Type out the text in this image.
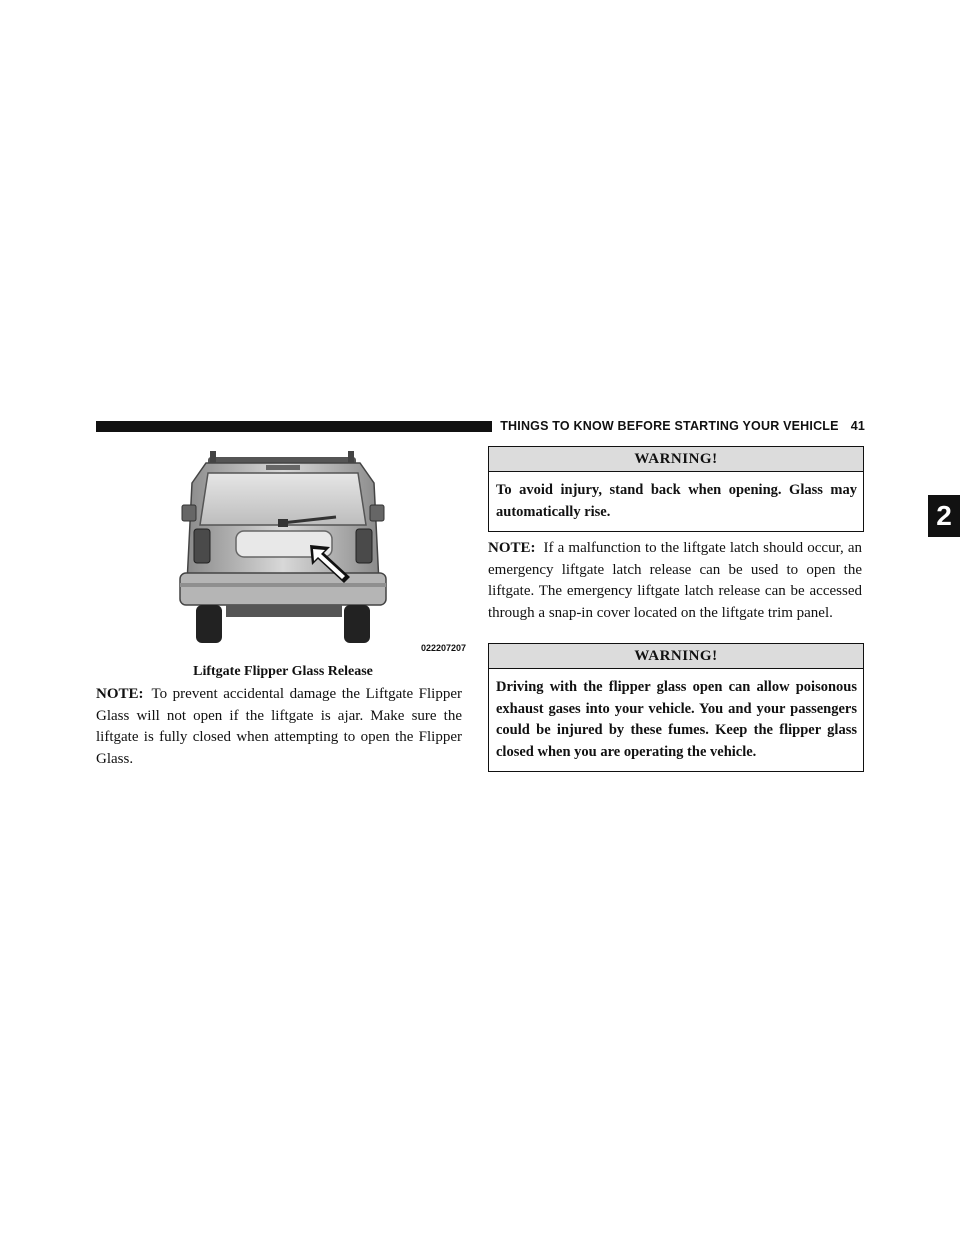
THINGS TO KNOW BEFORE STARTING YOUR VEHICLE 41
2
022207207
Liftgate Flipper Glass Release
NOTE: To prevent accidental damage the Liftgate Flipper Glass will not open if the liftgate is ajar. Make sure the liftgate is fully closed when attempting to open the Flipper Glass.
WARNING!
To avoid injury, stand back when opening. Glass may automatically rise.
NOTE: If a malfunction to the liftgate latch should occur, an emergency liftgate latch release can be used to open the liftgate. The emergency liftgate latch release can be accessed through a snap-in cover located on the liftgate trim panel.
WARNING!
Driving with the flipper glass open can allow poisonous exhaust gases into your vehicle. You and your passengers could be injured by these fumes. Keep the flipper glass closed when you are operating the vehicle.
